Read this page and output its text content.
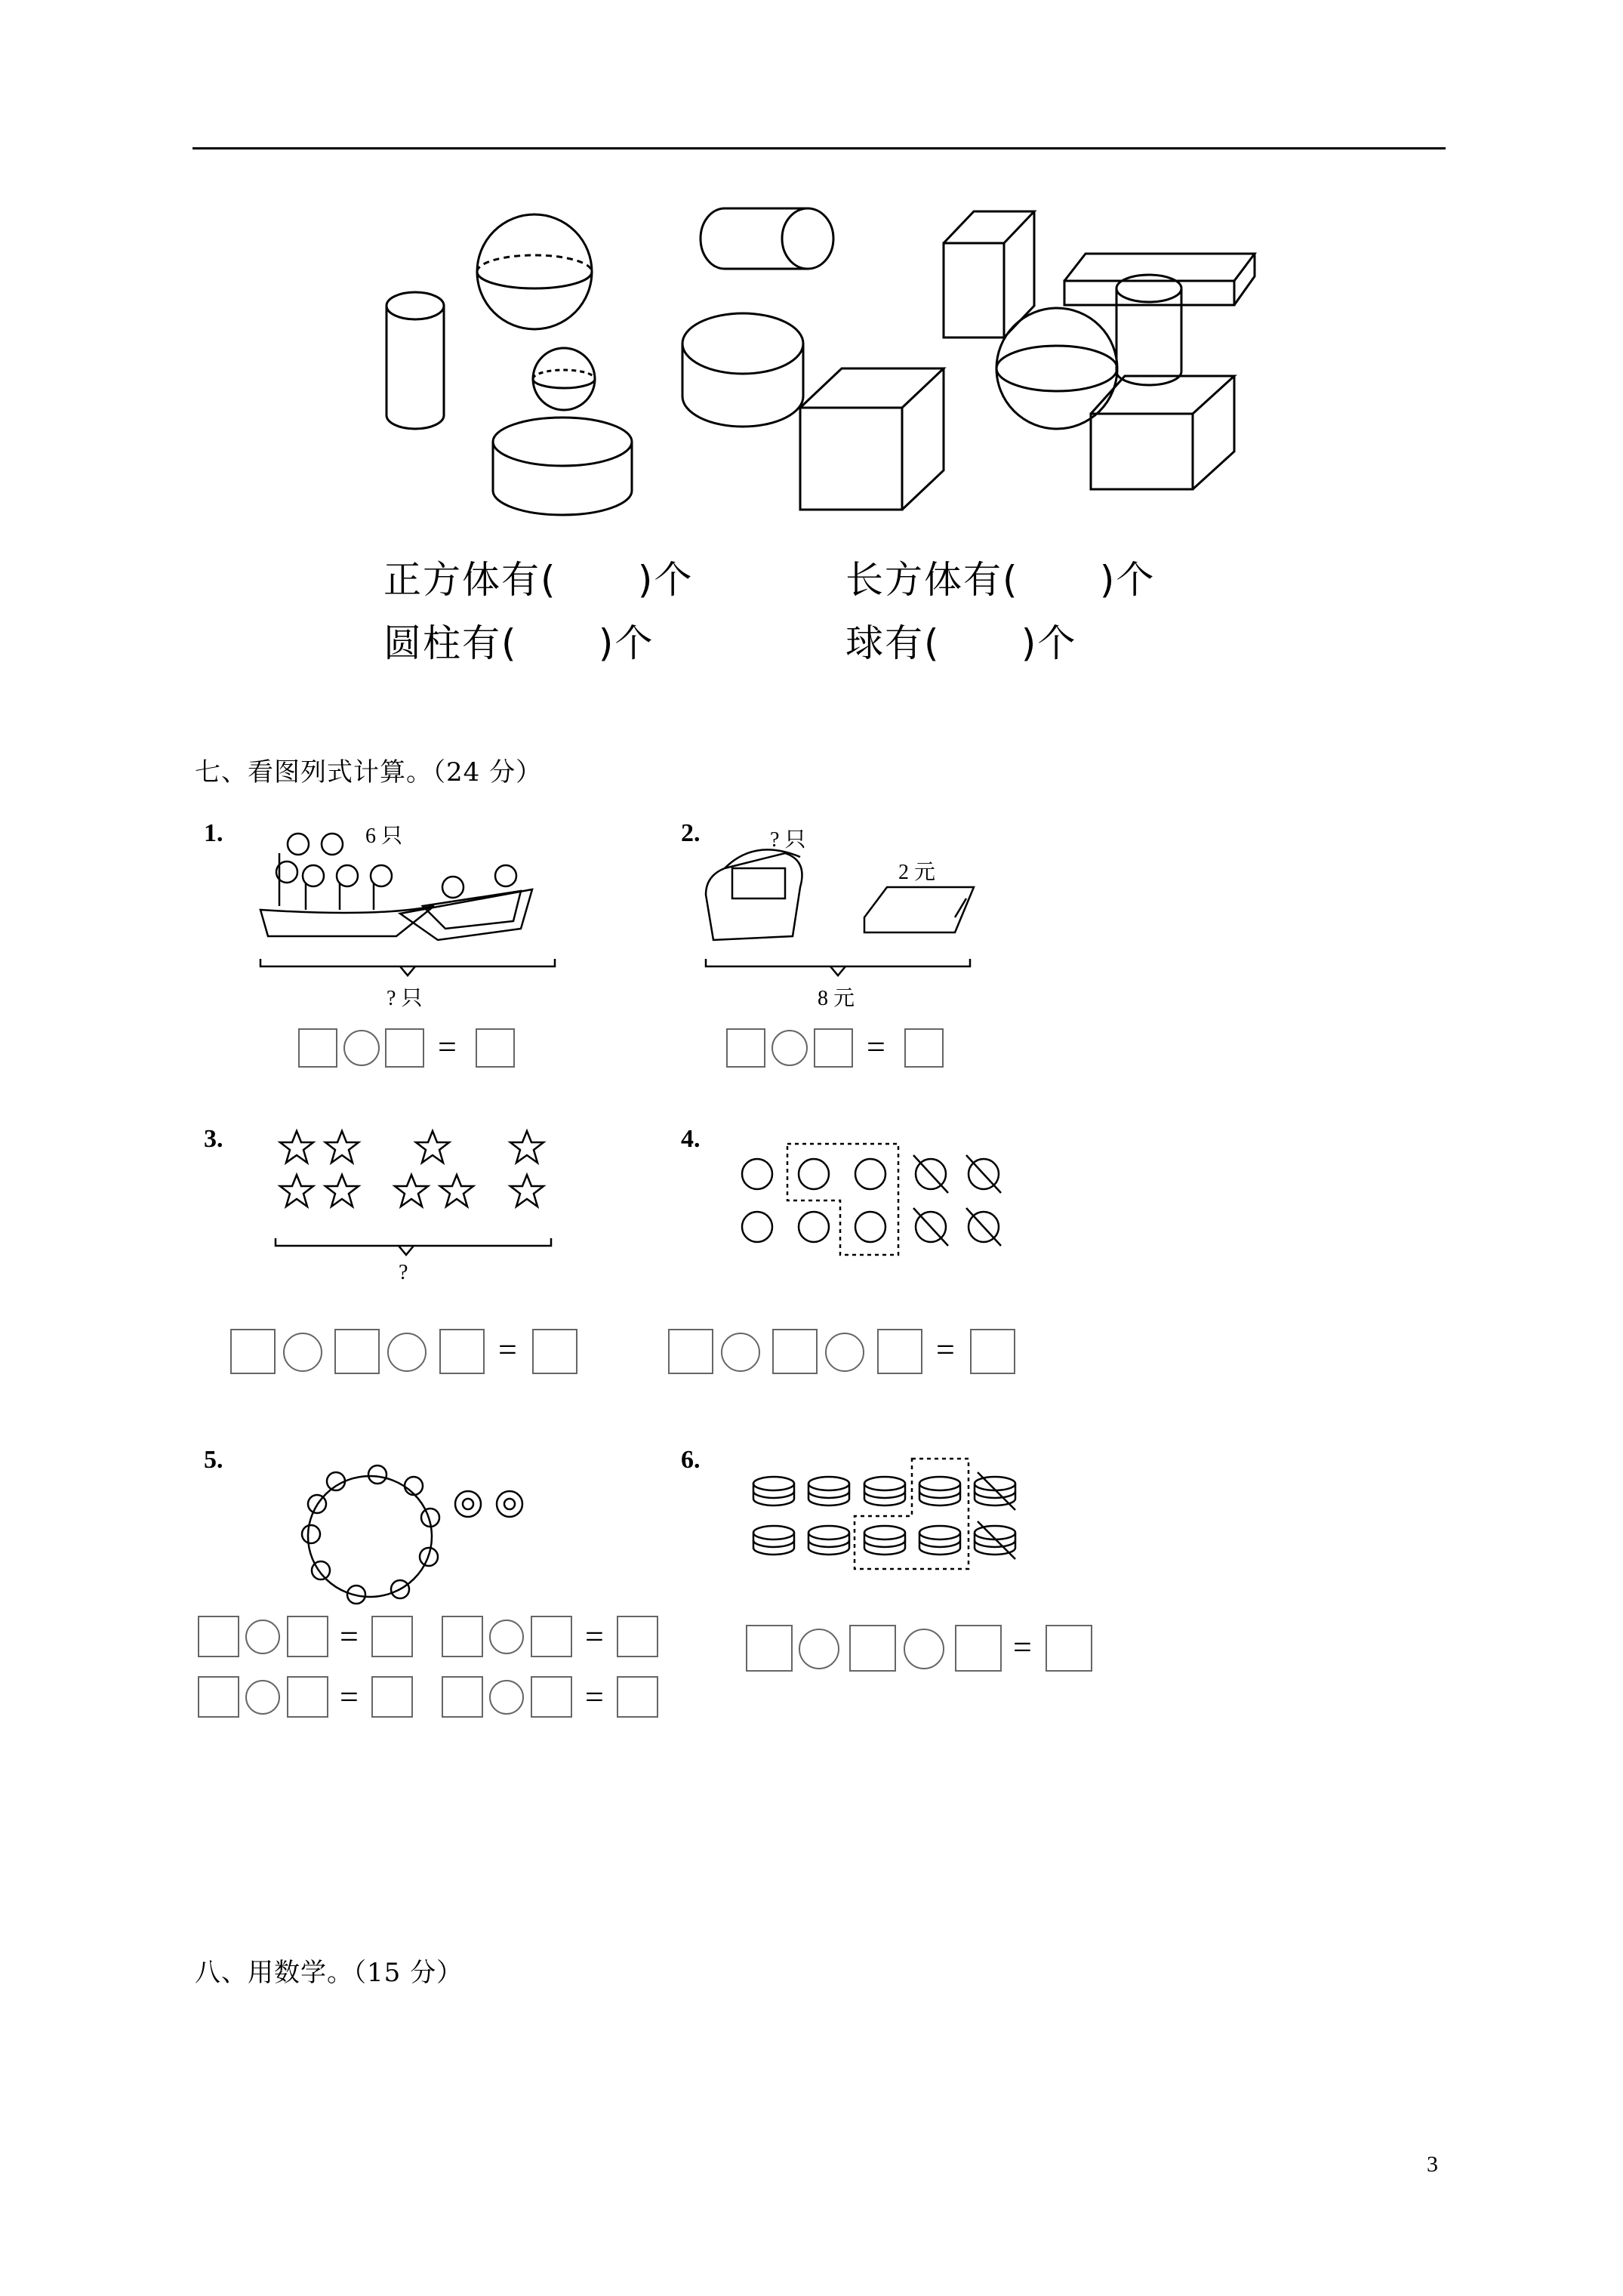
正方体有(      )个	长方体有(      )个
圆柱有(      )个	球有(      )个
七、看图列式计算。（24 分）
1.	6 只
? 只
=
2.	? 只
2 元
8 元
=
3.
?
=
4.
=
5.
=	=
=	=
6.
=
八、用数学。（15 分）
3
